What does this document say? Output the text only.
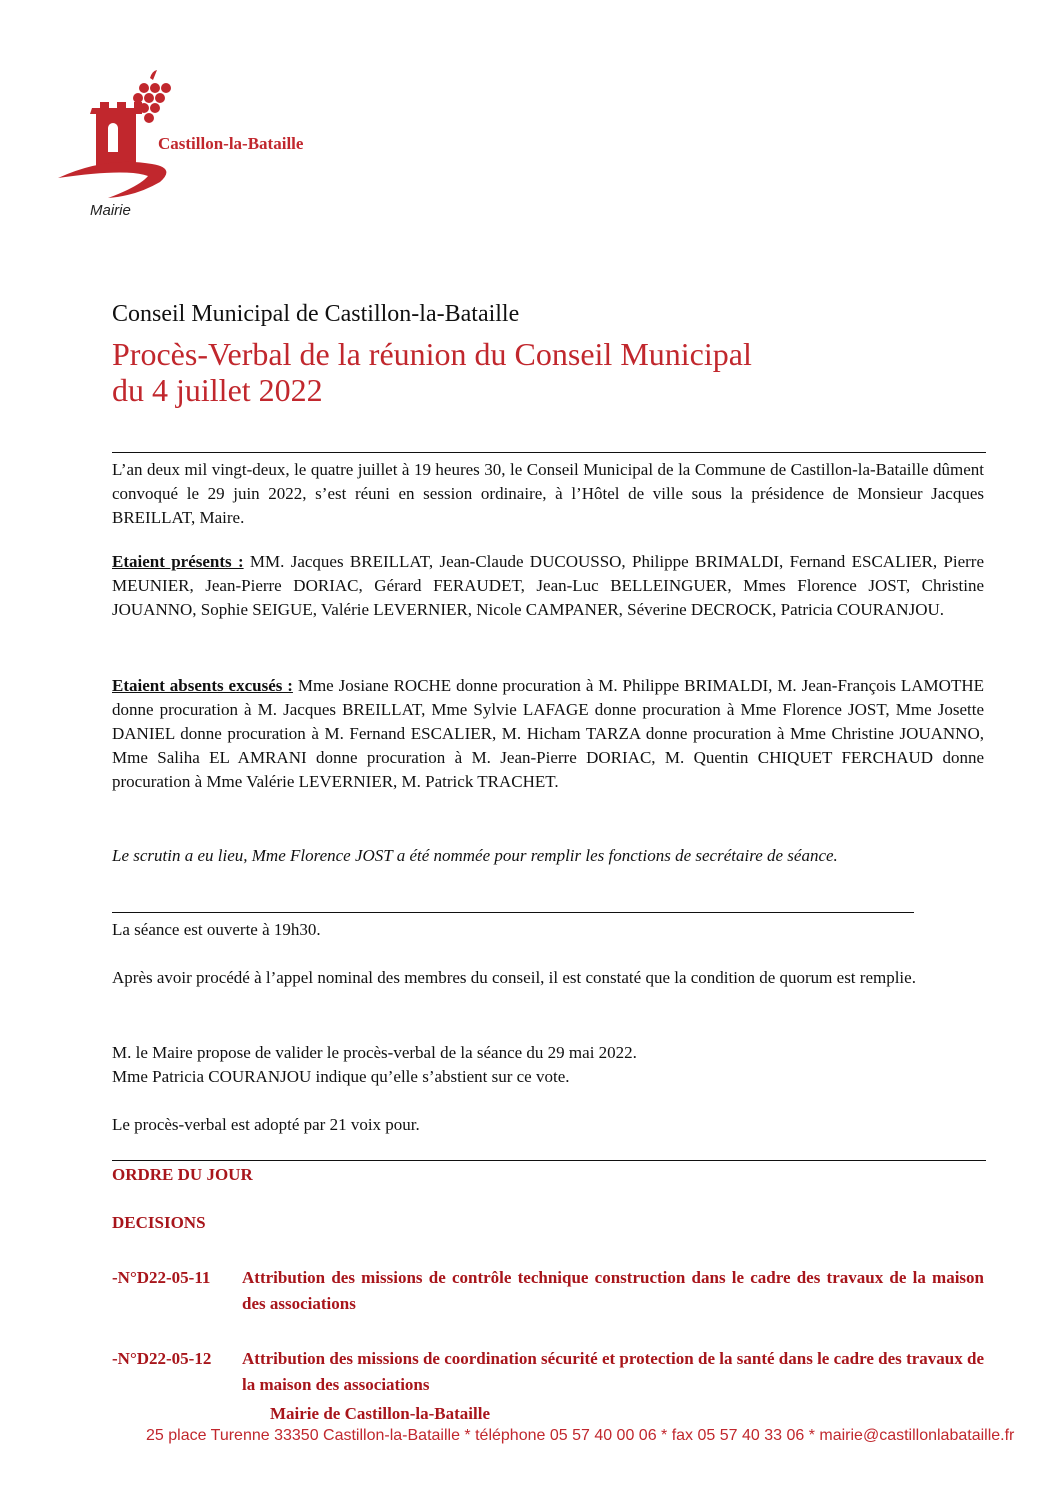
Castillon-la-Bataille
Mairie
Conseil Municipal de Castillon-la-Bataille
Procès-Verbal de la réunion du Conseil Municipal
du 4 juillet 2022

L’an deux mil vingt-deux, le quatre juillet à 19 heures 30, le Conseil Municipal de la Commune de Castillon-la-Bataille dûment convoqué le 29 juin 2022, s’est réuni en session ordinaire, à l’Hôtel de ville sous la présidence de Monsieur Jacques BREILLAT, Maire.

Etaient présents : MM. Jacques BREILLAT, Jean-Claude DUCOUSSO, Philippe BRIMALDI, Fernand ESCALIER, Pierre MEUNIER, Jean-Pierre DORIAC, Gérard FERAUDET, Jean-Luc BELLEINGUER, Mmes Florence JOST, Christine JOUANNO, Sophie SEIGUE, Valérie LEVERNIER, Nicole CAMPANER, Séverine DECROCK, Patricia COURANJOU.

Etaient absents excusés : Mme Josiane ROCHE donne procuration à M. Philippe BRIMALDI, M. Jean-François LAMOTHE donne procuration à M. Jacques BREILLAT, Mme Sylvie LAFAGE donne procuration à Mme Florence JOST, Mme Josette DANIEL donne procuration à M. Fernand ESCALIER, M. Hicham TARZA donne procuration à Mme Christine JOUANNO, Mme Saliha EL AMRANI donne procuration à M. Jean-Pierre DORIAC, M. Quentin CHIQUET FERCHAUD donne procuration à Mme Valérie LEVERNIER, M. Patrick TRACHET.

Le scrutin a eu lieu, Mme Florence JOST a été nommée pour remplir les fonctions de secrétaire de séance.

La séance est ouverte à 19h30.

Après avoir procédé à l’appel nominal des membres du conseil, il est constaté que la condition de quorum est remplie.

M. le Maire propose de valider le procès-verbal de la séance du 29 mai 2022.

Mme Patricia COURANJOU indique qu’elle s’abstient sur ce vote.

Le procès-verbal est adopté par 21 voix pour.

ORDRE DU JOUR
DECISIONS
-N°D22-05-11	Attribution des missions de contrôle technique construction dans le cadre des travaux de la maison des associations
-N°D22-05-12	Attribution des missions de coordination sécurité et protection de la santé dans le cadre des travaux de la maison des associations
Mairie de Castillon-la-Bataille
25 place Turenne 33350 Castillon-la-Bataille * téléphone 05 57 40 00 06 * fax 05 57 40 33 06 * mairie@castillonlabataille.fr
